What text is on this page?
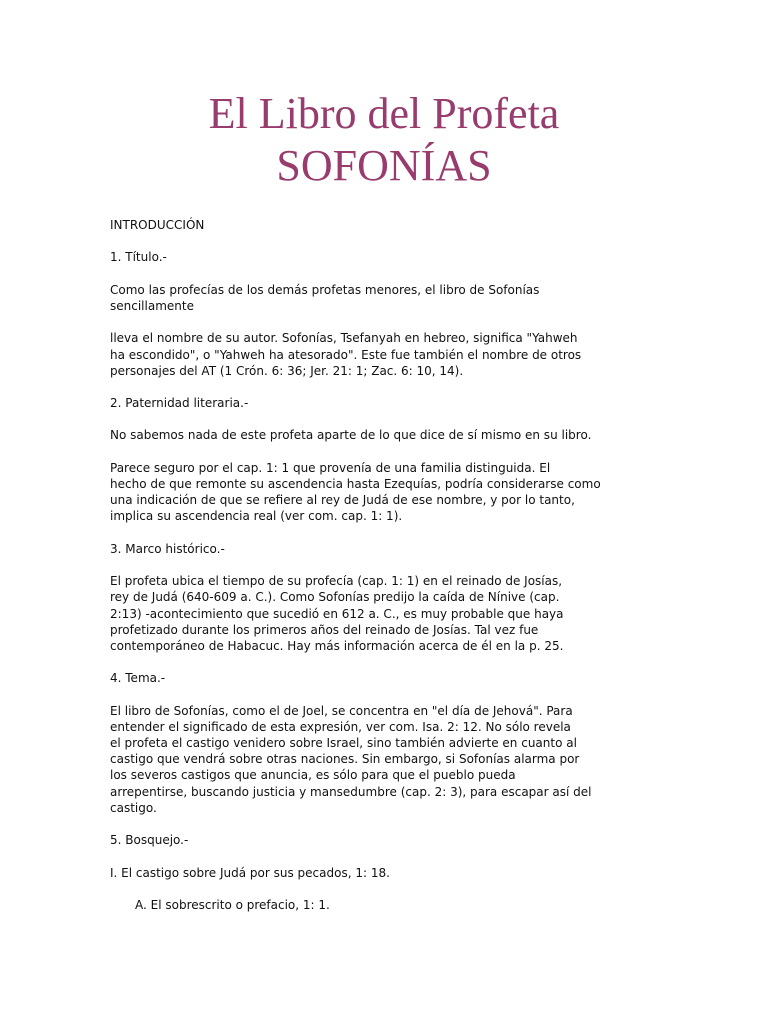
El Libro del Profeta
SOFONÍAS
INTRODUCCIÓN
1. Título.-
Como las profecías de los demás profetas menores, el libro de Sofonías
sencillamente
lleva el nombre de su autor. Sofonías, Tsefanyah en hebreo, significa "Yahweh
ha escondido", o "Yahweh ha atesorado". Este fue también el nombre de otros
personajes del AT (1 Crón. 6: 36; Jer. 21: 1; Zac. 6: 10, 14).
2. Paternidad literaria.-
No sabemos nada de este profeta aparte de lo que dice de sí mismo en su libro.
Parece seguro por el cap. 1: 1 que provenía de una familia distinguida. El
hecho de que remonte su ascendencia hasta Ezequías, podría considerarse como
una indicación de que se refiere al rey de Judá de ese nombre, y por lo tanto,
implica su ascendencia real (ver com. cap. 1: 1).
3. Marco histórico.-
El profeta ubica el tiempo de su profecía (cap. 1: 1) en el reinado de Josías,
rey de Judá (640-609 a. C.). Como Sofonías predijo la caída de Nínive (cap.
2:13) -acontecimiento que sucedió en 612 a. C., es muy probable que haya
profetizado durante los primeros años del reinado de Josías. Tal vez fue
contemporáneo de Habacuc. Hay más información acerca de él en la p. 25.
4. Tema.-
El libro de Sofonías, como el de Joel, se concentra en "el día de Jehová". Para
entender el significado de esta expresión, ver com. Isa. 2: 12. No sólo revela
el profeta el castigo venidero sobre Israel, sino también advierte en cuanto al
castigo que vendrá sobre otras naciones. Sin embargo, si Sofonías alarma por
los severos castigos que anuncia, es sólo para que el pueblo pueda
arrepentirse, buscando justicia y mansedumbre (cap. 2: 3), para escapar así del
castigo.
5. Bosquejo.-
I. El castigo sobre Judá por sus pecados, 1: 18.
A. El sobrescrito o prefacio, 1: 1.
